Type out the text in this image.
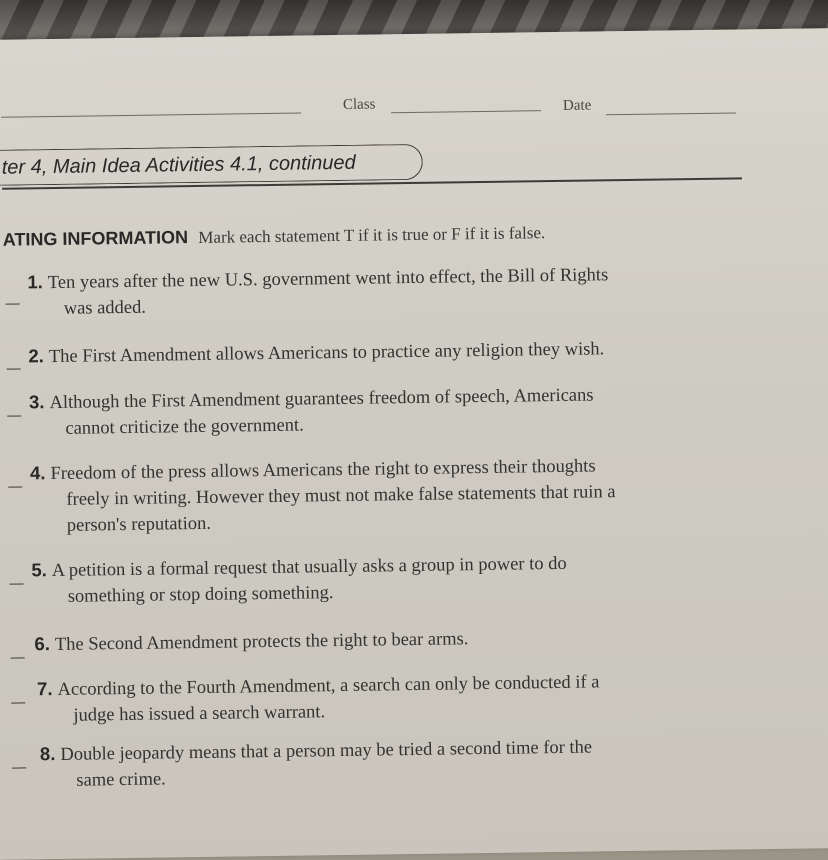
Class	Date
ter 4, Main Idea Activities 4.1, continued
ATING INFORMATION Mark each statement T if it is true or F if it is false.
1. Ten years after the new U.S. government went into effect, the Bill of Rights
was added.
2. The First Amendment allows Americans to practice any religion they wish.
3. Although the First Amendment guarantees freedom of speech, Americans
cannot criticize the government.
4. Freedom of the press allows Americans the right to express their thoughts
freely in writing. However they must not make false statements that ruin a
person's reputation.
5. A petition is a formal request that usually asks a group in power to do
something or stop doing something.
6. The Second Amendment protects the right to bear arms.
7. According to the Fourth Amendment, a search can only be conducted if a
judge has issued a search warrant.
8. Double jeopardy means that a person may be tried a second time for the
same crime.
